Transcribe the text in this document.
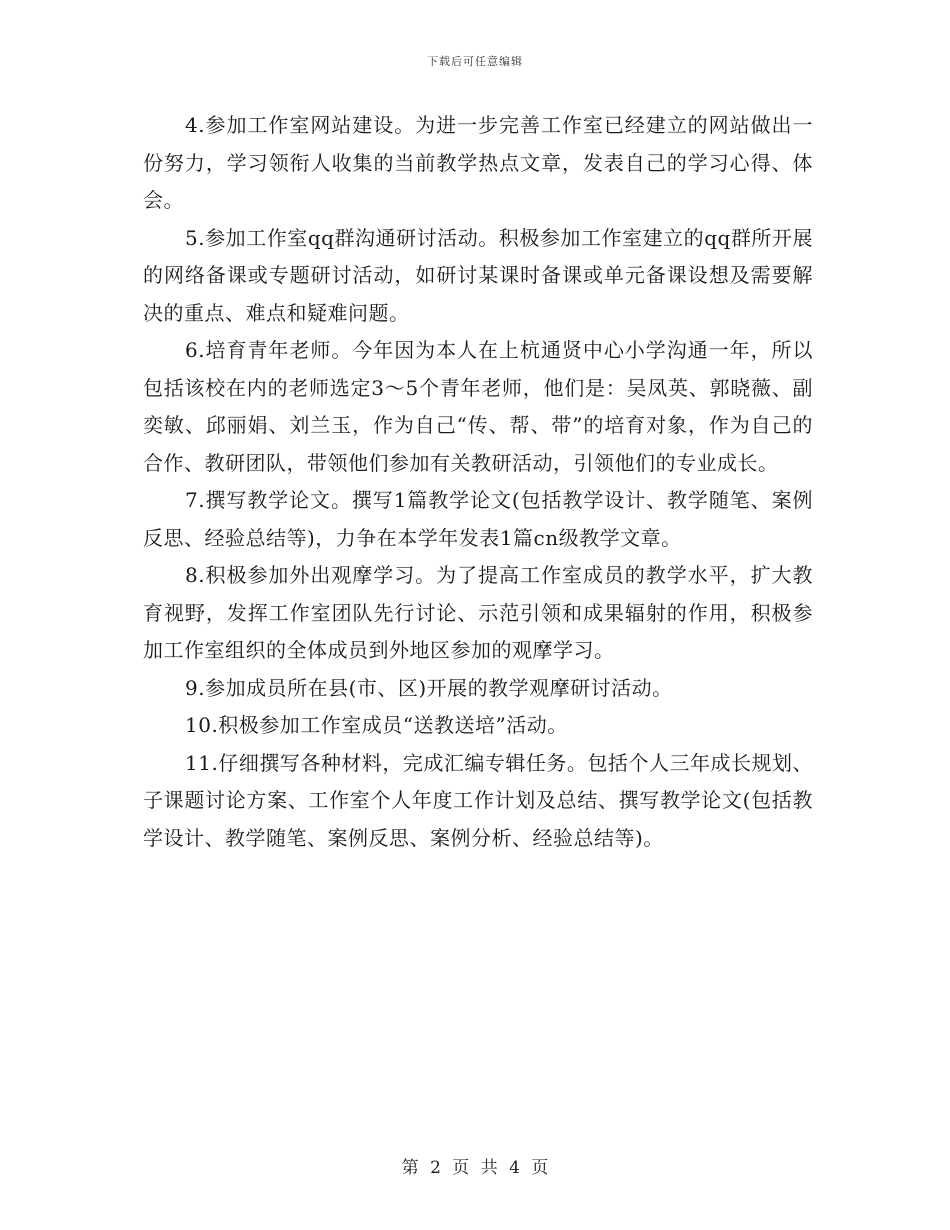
下载后可任意编辑

4.参加工作室网站建设。为进一步完善工作室已经建立的网站做出一份努力，学习领衔人收集的当前教学热点文章，发表自己的学习心得、体会。

5.参加工作室qq群沟通研讨活动。积极参加工作室建立的qq群所开展的网络备课或专题研讨活动，如研讨某课时备课或单元备课设想及需要解决的重点、难点和疑难问题。

6.培育青年老师。今年因为本人在上杭通贤中心小学沟通一年，所以包括该校在内的老师选定3～5个青年老师，他们是：吴凤英、郭晓薇、副奕敏、邱丽娟、刘兰玉，作为自己“传、帮、带”的培育对象，作为自己的合作、教研团队，带领他们参加有关教研活动，引领他们的专业成长。

7.撰写教学论文。撰写1篇教学论文(包括教学设计、教学随笔、案例反思、经验总结等)，力争在本学年发表1篇cn级教学文章。

8.积极参加外出观摩学习。为了提高工作室成员的教学水平，扩大教育视野，发挥工作室团队先行讨论、示范引领和成果辐射的作用，积极参加工作室组织的全体成员到外地区参加的观摩学习。

9.参加成员所在县(市、区)开展的教学观摩研讨活动。

10.积极参加工作室成员“送教送培”活动。

11.仔细撰写各种材料，完成汇编专辑任务。包括个人三年成长规划、子课题讨论方案、工作室个人年度工作计划及总结、撰写教学论文(包括教学设计、教学随笔、案例反思、案例分析、经验总结等)。

第 2 页 共 4 页
